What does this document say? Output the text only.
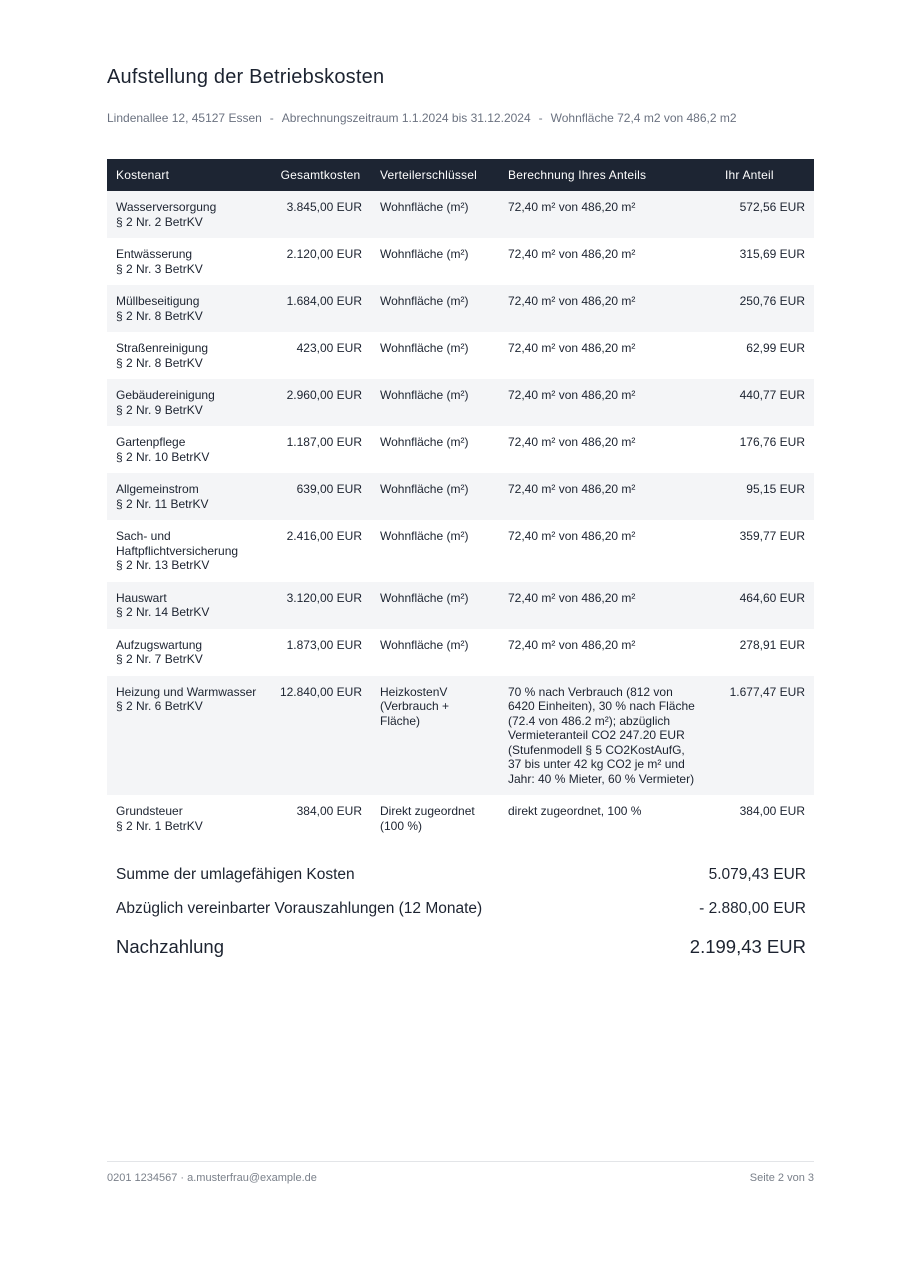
Aufstellung der Betriebskosten
Lindenallee 12, 45127 Essen - Abrechnungszeitraum 1.1.2024 bis 31.12.2024 - Wohnfläche 72,4 m2 von 486,2 m2
Kostenart	Gesamtkosten	Verteilerschlüssel	Berechnung Ihres Anteils	Ihr Anteil

Wasserversorgung
§ 2 Nr. 2 BetrKV	3.845,00 EUR	Wohnfläche (m²)	72,40 m² von 486,20 m²	572,56 EUR

Entwässerung
§ 2 Nr. 3 BetrKV	2.120,00 EUR	Wohnfläche (m²)	72,40 m² von 486,20 m²	315,69 EUR

Müllbeseitigung
§ 2 Nr. 8 BetrKV	1.684,00 EUR	Wohnfläche (m²)	72,40 m² von 486,20 m²	250,76 EUR

Straßenreinigung
§ 2 Nr. 8 BetrKV	423,00 EUR	Wohnfläche (m²)	72,40 m² von 486,20 m²	62,99 EUR

Gebäudereinigung
§ 2 Nr. 9 BetrKV	2.960,00 EUR	Wohnfläche (m²)	72,40 m² von 486,20 m²	440,77 EUR

Gartenpflege
§ 2 Nr. 10 BetrKV	1.187,00 EUR	Wohnfläche (m²)	72,40 m² von 486,20 m²	176,76 EUR

Allgemeinstrom
§ 2 Nr. 11 BetrKV	639,00 EUR	Wohnfläche (m²)	72,40 m² von 486,20 m²	95,15 EUR

Sach- und Haftpflichtversicherung
§ 2 Nr. 13 BetrKV	2.416,00 EUR	Wohnfläche (m²)	72,40 m² von 486,20 m²	359,77 EUR

Hauswart
§ 2 Nr. 14 BetrKV	3.120,00 EUR	Wohnfläche (m²)	72,40 m² von 486,20 m²	464,60 EUR

Aufzugswartung
§ 2 Nr. 7 BetrKV	1.873,00 EUR	Wohnfläche (m²)	72,40 m² von 486,20 m²	278,91 EUR

Heizung und Warmwasser
§ 2 Nr. 6 BetrKV	12.840,00 EUR	HeizkostenV (Verbrauch + Fläche)	70 % nach Verbrauch (812 von 6420 Einheiten), 30 % nach Fläche (72.4 von 486.2 m²); abzüglich Vermieteranteil CO2 247.20 EUR (Stufenmodell § 5 CO2KostAufG, 37 bis unter 42 kg CO2 je m² und Jahr: 40 % Mieter, 60 % Vermieter)	1.677,47 EUR

Grundsteuer
§ 2 Nr. 1 BetrKV	384,00 EUR	Direkt zugeordnet (100 %)	direkt zugeordnet, 100 %	384,00 EUR
Summe der umlagefähigen Kosten	5.079,43 EUR
Abzüglich vereinbarter Vorauszahlungen (12 Monate)	- 2.880,00 EUR
Nachzahlung	2.199,43 EUR
0201 1234567 · a.musterfrau@example.de	Seite 2 von 3
